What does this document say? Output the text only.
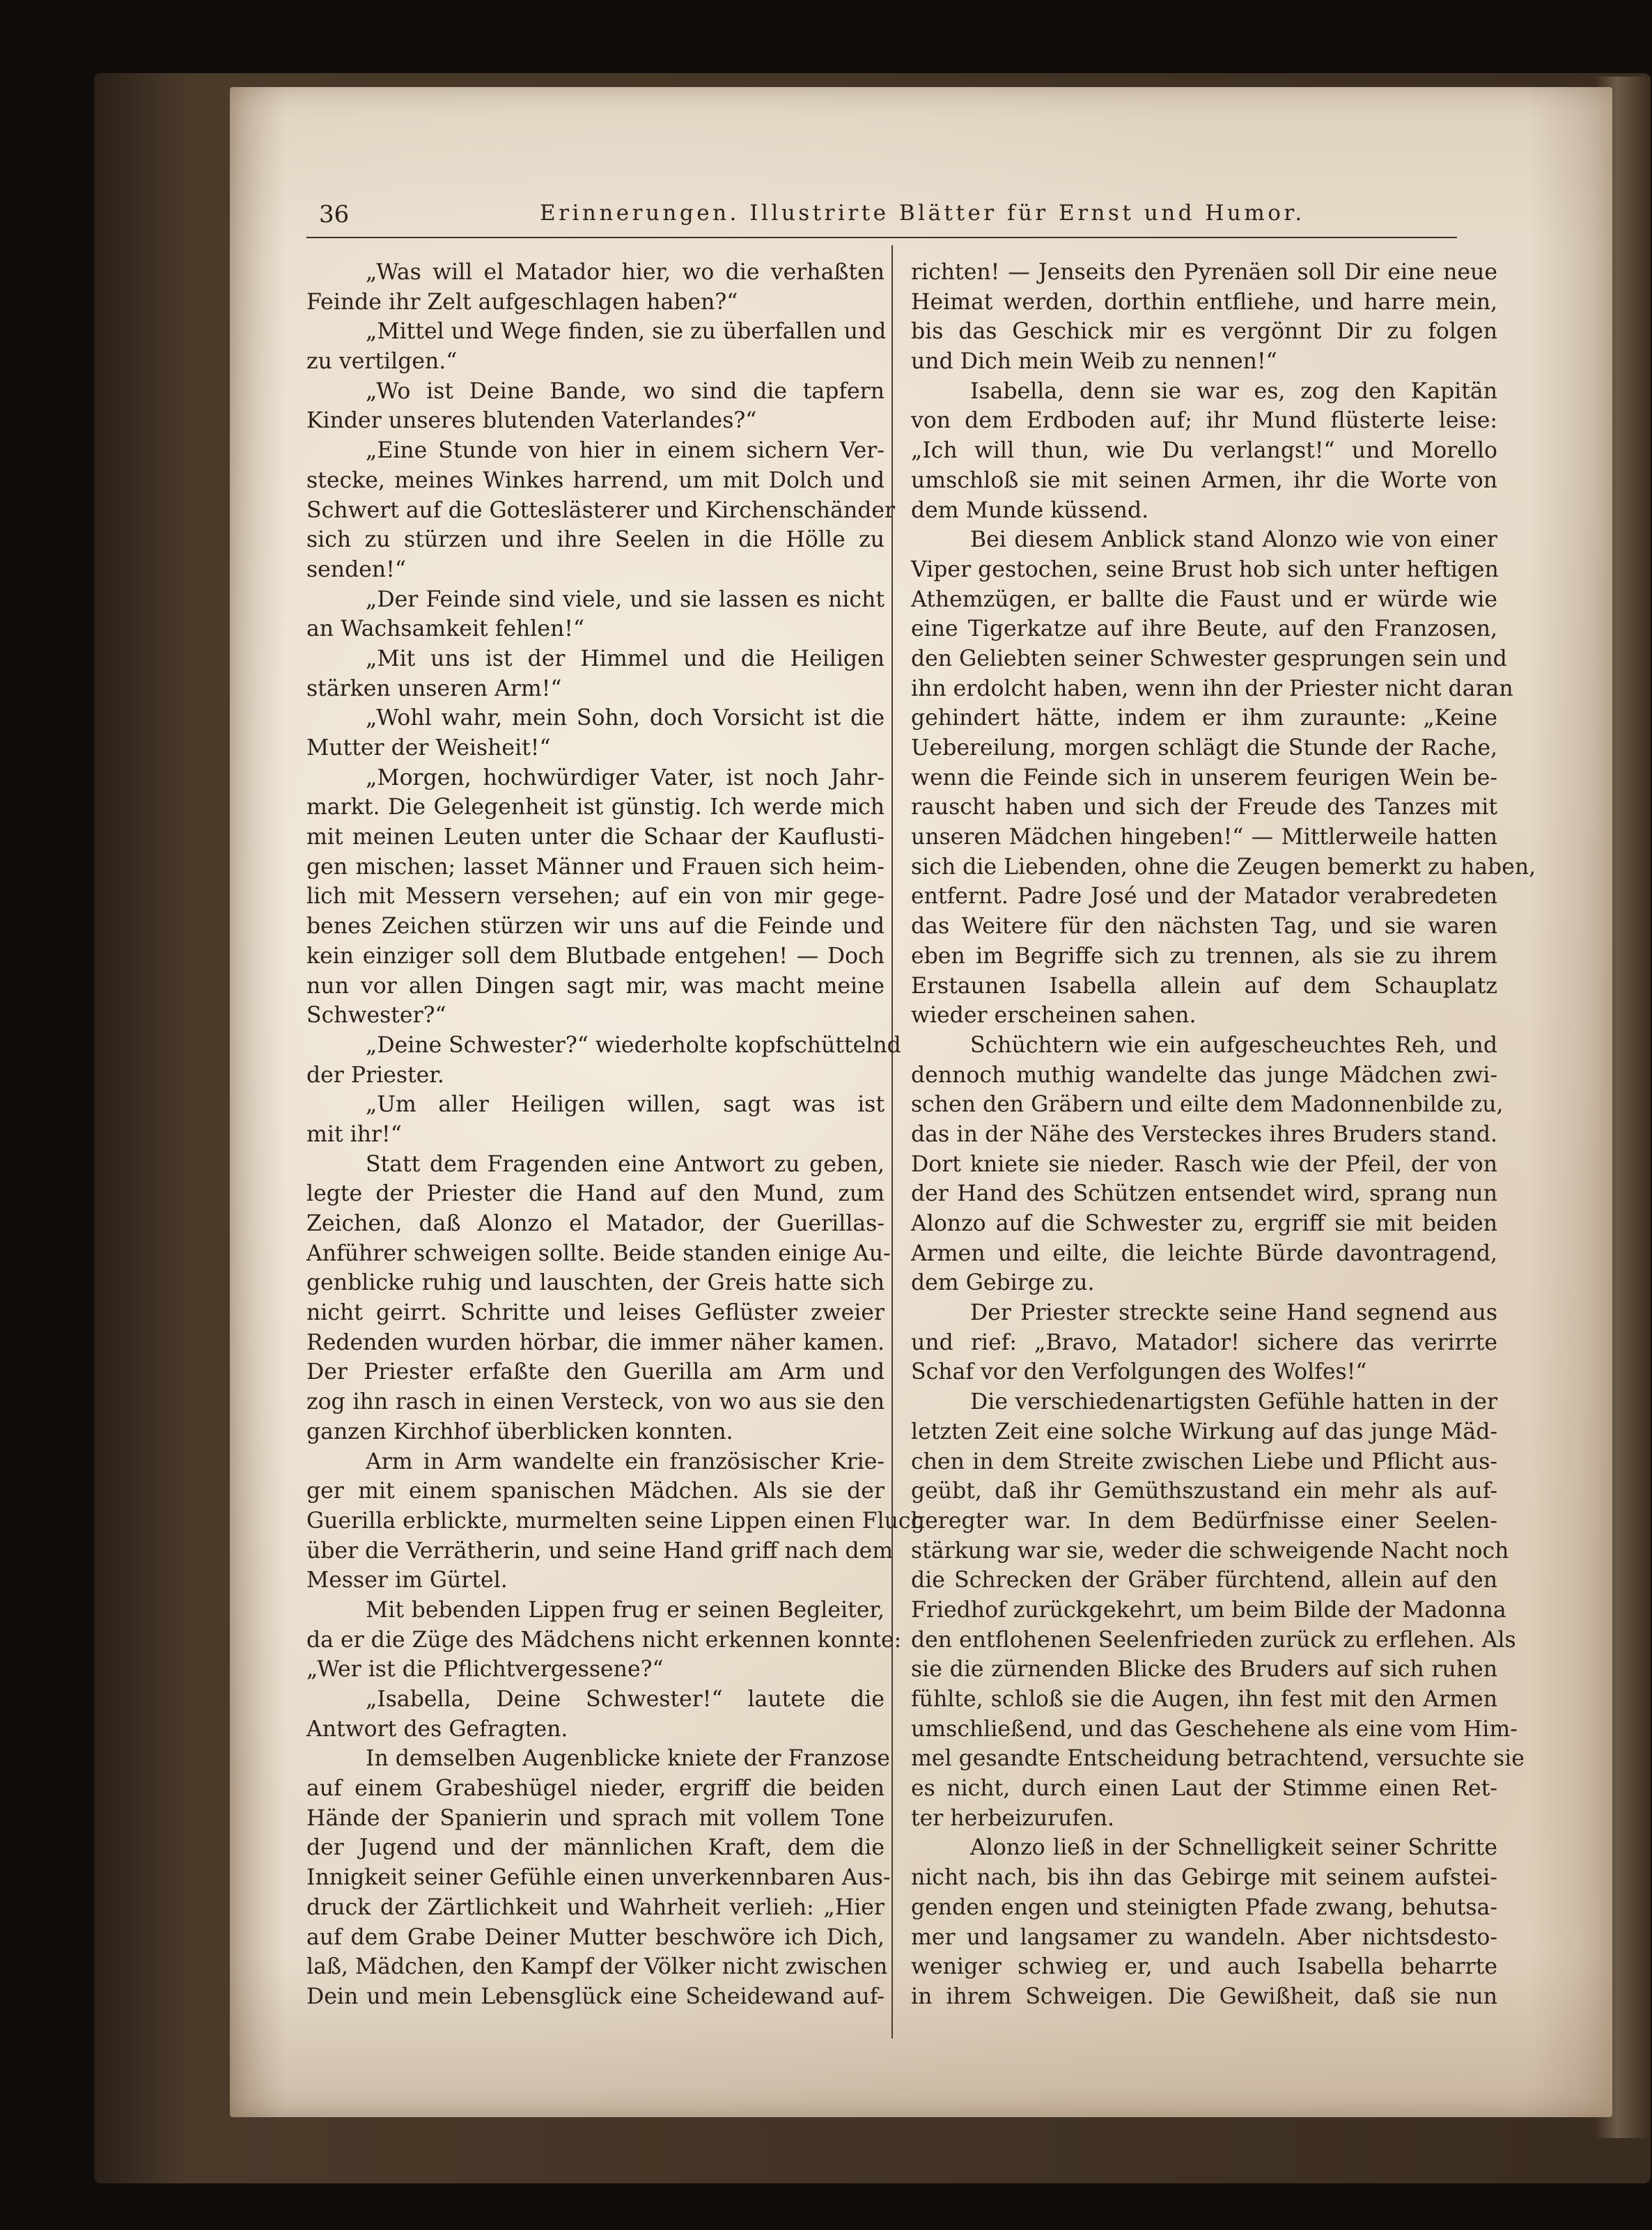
36	Erinnerungen. Illustrirte Blätter für Ernst und Humor.
„Was will el Matador hier, wo die verhaßten
Feinde ihr Zelt aufgeschlagen haben?“
„Mittel und Wege finden, sie zu überfallen und
zu vertilgen.“
„Wo ist Deine Bande, wo sind die tapfern
Kinder unseres blutenden Vaterlandes?“
„Eine Stunde von hier in einem sichern Ver-
stecke, meines Winkes harrend, um mit Dolch und
Schwert auf die Gotteslästerer und Kirchenschänder
sich zu stürzen und ihre Seelen in die Hölle zu
senden!“
„Der Feinde sind viele, und sie lassen es nicht
an Wachsamkeit fehlen!“
„Mit uns ist der Himmel und die Heiligen
stärken unseren Arm!“
„Wohl wahr, mein Sohn, doch Vorsicht ist die
Mutter der Weisheit!“
„Morgen, hochwürdiger Vater, ist noch Jahr-
markt. Die Gelegenheit ist günstig. Ich werde mich
mit meinen Leuten unter die Schaar der Kauflusti-
gen mischen; lasset Männer und Frauen sich heim-
lich mit Messern versehen; auf ein von mir gege-
benes Zeichen stürzen wir uns auf die Feinde und
kein einziger soll dem Blutbade entgehen! — Doch
nun vor allen Dingen sagt mir, was macht meine
Schwester?“
„Deine Schwester?“ wiederholte kopfschüttelnd
der Priester.
„Um aller Heiligen willen, sagt was ist
mit ihr!“
Statt dem Fragenden eine Antwort zu geben,
legte der Priester die Hand auf den Mund, zum
Zeichen, daß Alonzo el Matador, der Guerillas-
Anführer schweigen sollte. Beide standen einige Au-
genblicke ruhig und lauschten, der Greis hatte sich
nicht geirrt. Schritte und leises Geflüster zweier
Redenden wurden hörbar, die immer näher kamen.
Der Priester erfaßte den Guerilla am Arm und
zog ihn rasch in einen Versteck, von wo aus sie den
ganzen Kirchhof überblicken konnten.
Arm in Arm wandelte ein französischer Krie-
ger mit einem spanischen Mädchen. Als sie der
Guerilla erblickte, murmelten seine Lippen einen Fluch
über die Verrätherin, und seine Hand griff nach dem
Messer im Gürtel.
Mit bebenden Lippen frug er seinen Begleiter,
da er die Züge des Mädchens nicht erkennen konnte:
„Wer ist die Pflichtvergessene?“
„Isabella, Deine Schwester!“ lautete die
Antwort des Gefragten.
In demselben Augenblicke kniete der Franzose
auf einem Grabeshügel nieder, ergriff die beiden
Hände der Spanierin und sprach mit vollem Tone
der Jugend und der männlichen Kraft, dem die
Innigkeit seiner Gefühle einen unverkennbaren Aus-
druck der Zärtlichkeit und Wahrheit verlieh: „Hier
auf dem Grabe Deiner Mutter beschwöre ich Dich,
laß, Mädchen, den Kampf der Völker nicht zwischen
Dein und mein Lebensglück eine Scheidewand auf-
richten! — Jenseits den Pyrenäen soll Dir eine neue
Heimat werden, dorthin entfliehe, und harre mein,
bis das Geschick mir es vergönnt Dir zu folgen
und Dich mein Weib zu nennen!“
Isabella, denn sie war es, zog den Kapitän
von dem Erdboden auf; ihr Mund flüsterte leise:
„Ich will thun, wie Du verlangst!“ und Morello
umschloß sie mit seinen Armen, ihr die Worte von
dem Munde küssend.
Bei diesem Anblick stand Alonzo wie von einer
Viper gestochen, seine Brust hob sich unter heftigen
Athemzügen, er ballte die Faust und er würde wie
eine Tigerkatze auf ihre Beute, auf den Franzosen,
den Geliebten seiner Schwester gesprungen sein und
ihn erdolcht haben, wenn ihn der Priester nicht daran
gehindert hätte, indem er ihm zuraunte: „Keine
Uebereilung, morgen schlägt die Stunde der Rache,
wenn die Feinde sich in unserem feurigen Wein be-
rauscht haben und sich der Freude des Tanzes mit
unseren Mädchen hingeben!“ — Mittlerweile hatten
sich die Liebenden, ohne die Zeugen bemerkt zu haben,
entfernt. Padre José und der Matador verabredeten
das Weitere für den nächsten Tag, und sie waren
eben im Begriffe sich zu trennen, als sie zu ihrem
Erstaunen Isabella allein auf dem Schauplatz
wieder erscheinen sahen.
Schüchtern wie ein aufgescheuchtes Reh, und
dennoch muthig wandelte das junge Mädchen zwi-
schen den Gräbern und eilte dem Madonnenbilde zu,
das in der Nähe des Versteckes ihres Bruders stand.
Dort kniete sie nieder. Rasch wie der Pfeil, der von
der Hand des Schützen entsendet wird, sprang nun
Alonzo auf die Schwester zu, ergriff sie mit beiden
Armen und eilte, die leichte Bürde davontragend,
dem Gebirge zu.
Der Priester streckte seine Hand segnend aus
und rief: „Bravo, Matador! sichere das verirrte
Schaf vor den Verfolgungen des Wolfes!“
Die verschiedenartigsten Gefühle hatten in der
letzten Zeit eine solche Wirkung auf das junge Mäd-
chen in dem Streite zwischen Liebe und Pflicht aus-
geübt, daß ihr Gemüthszustand ein mehr als auf-
geregter war. In dem Bedürfnisse einer Seelen-
stärkung war sie, weder die schweigende Nacht noch
die Schrecken der Gräber fürchtend, allein auf den
Friedhof zurückgekehrt, um beim Bilde der Madonna
den entflohenen Seelenfrieden zurück zu erflehen. Als
sie die zürnenden Blicke des Bruders auf sich ruhen
fühlte, schloß sie die Augen, ihn fest mit den Armen
umschließend, und das Geschehene als eine vom Him-
mel gesandte Entscheidung betrachtend, versuchte sie
es nicht, durch einen Laut der Stimme einen Ret-
ter herbeizurufen.
Alonzo ließ in der Schnelligkeit seiner Schritte
nicht nach, bis ihn das Gebirge mit seinem aufstei-
genden engen und steinigten Pfade zwang, behutsa-
mer und langsamer zu wandeln. Aber nichtsdesto-
weniger schwieg er, und auch Isabella beharrte
in ihrem Schweigen. Die Gewißheit, daß sie nun
